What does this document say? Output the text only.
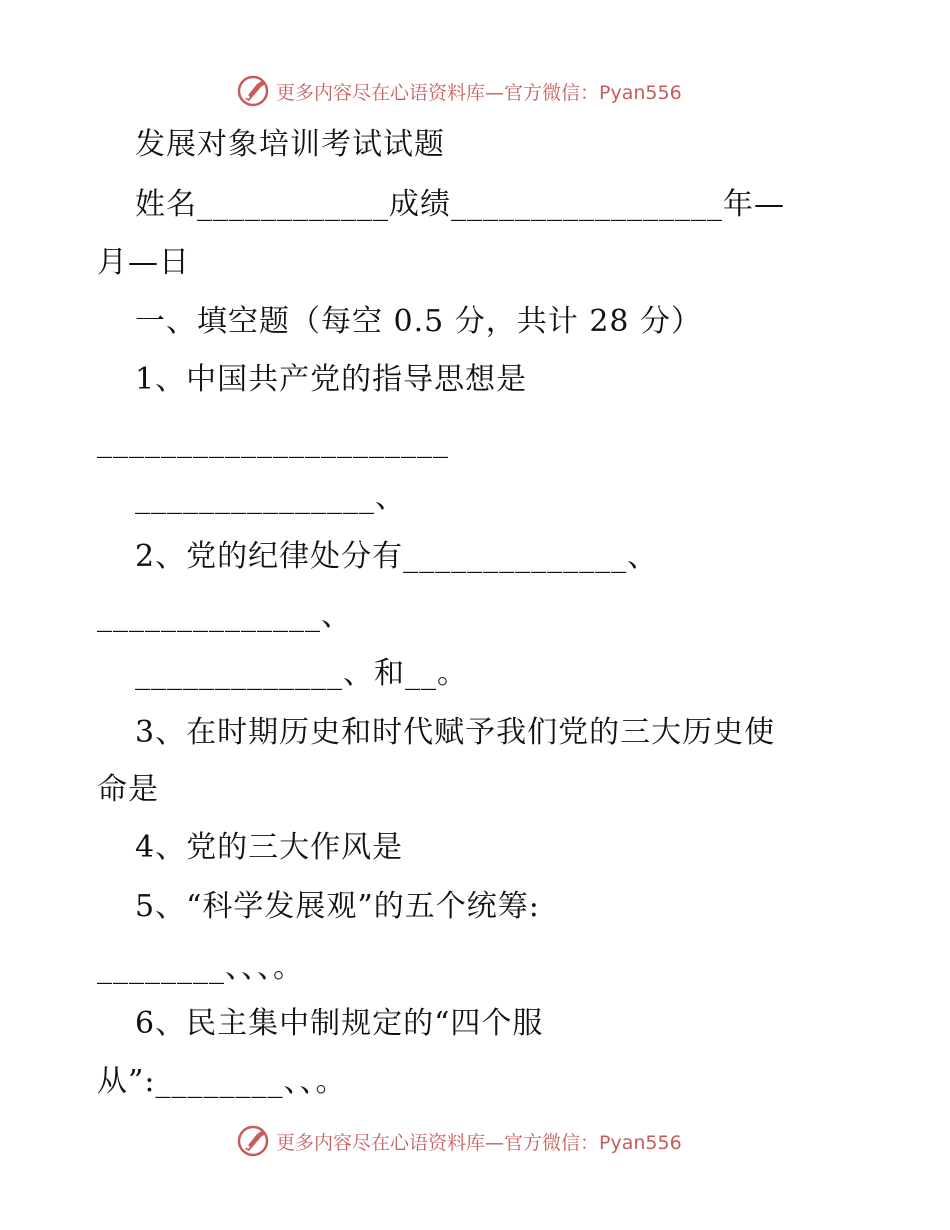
更多内容尽在心语资料库—官方微信：Pyan556
发展对象培训考试试题
姓名____________成绩_________________年—
月—日
一、填空题（每空 0.5 分，共计 28 分）
1、中国共产党的指导思想是
______________________
_______________、
2、党的纪律处分有______________、
______________、
_____________、和__。
3、在时期历史和时代赋予我们党的三大历史使
命是
4、党的三大作风是
5、“科学发展观”的五个统筹:
________、、、。
6、民主集中制规定的“四个服
从”:________、、。
更多内容尽在心语资料库—官方微信：Pyan556
